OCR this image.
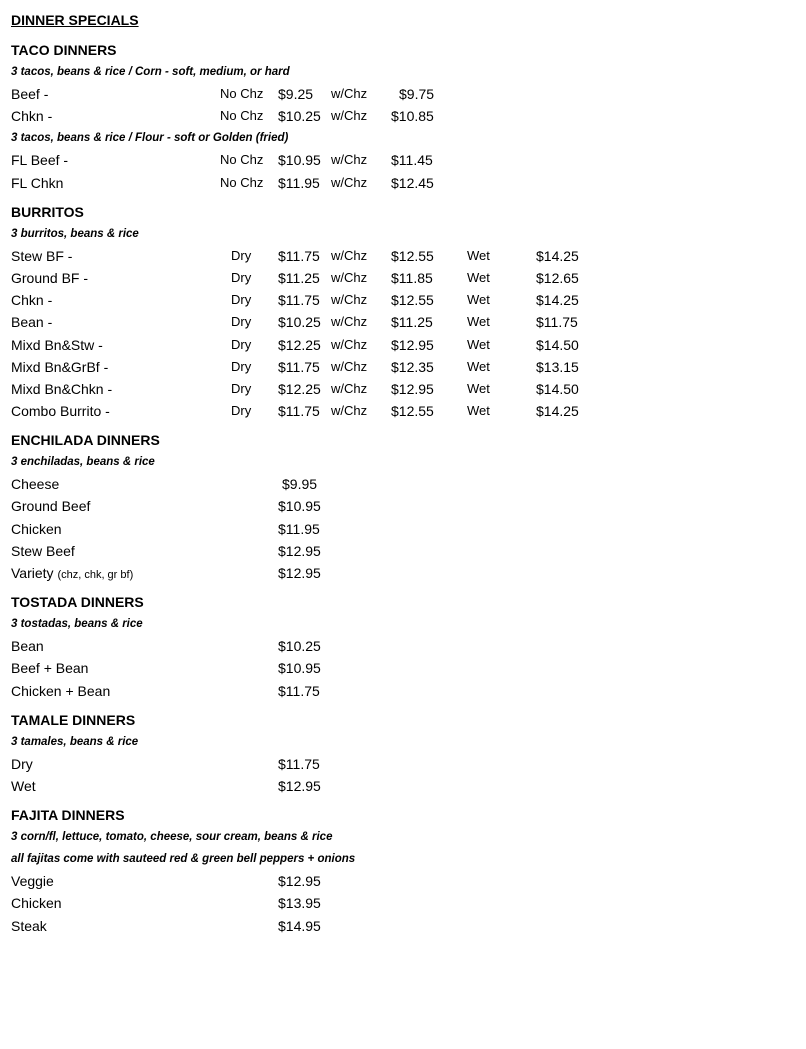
DINNER SPECIALS
TACO DINNERS
3 tacos, beans & rice / Corn - soft, medium, or hard
Beef -	No Chz $9.25 w/Chz $9.75
Chkn -	No Chz $10.25 w/Chz $10.85
3 tacos, beans & rice / Flour - soft or Golden (fried)
FL Beef -	No Chz $10.95 w/Chz $11.45
FL Chkn	No Chz $11.95 w/Chz $12.45
BURRITOS
3 burritos, beans & rice
Stew BF -	Dry $11.75 w/Chz $12.55	Wet	$14.25
Ground BF -	Dry $11.25 w/Chz $11.85	Wet	$12.65
Chkn -	Dry $11.75 w/Chz $12.55	Wet	$14.25
Bean -	Dry $10.25 w/Chz $11.25	Wet	$11.75
Mixd Bn&Stw -	Dry $12.25 w/Chz $12.95	Wet	$14.50
Mixd Bn&GrBf -	Dry $11.75 w/Chz $12.35	Wet	$13.15
Mixd Bn&Chkn -	Dry $12.25 w/Chz $12.95	Wet	$14.50
Combo Burrito -	Dry $11.75 w/Chz $12.55	Wet	$14.25
ENCHILADA DINNERS
3 enchiladas, beans & rice
Cheese	$9.95
Ground Beef	$10.95
Chicken	$11.95
Stew Beef	$12.95
Variety (chz, chk, gr bf)	$12.95
TOSTADA DINNERS
3 tostadas, beans & rice
Bean	$10.25
Beef + Bean	$10.95
Chicken + Bean	$11.75
TAMALE DINNERS
3 tamales, beans & rice
Dry	$11.75
Wet	$12.95
FAJITA DINNERS
3 corn/fl, lettuce, tomato, cheese, sour cream, beans & rice
all fajitas come with sauteed red & green bell peppers + onions
Veggie	$12.95
Chicken	$13.95
Steak	$14.95
